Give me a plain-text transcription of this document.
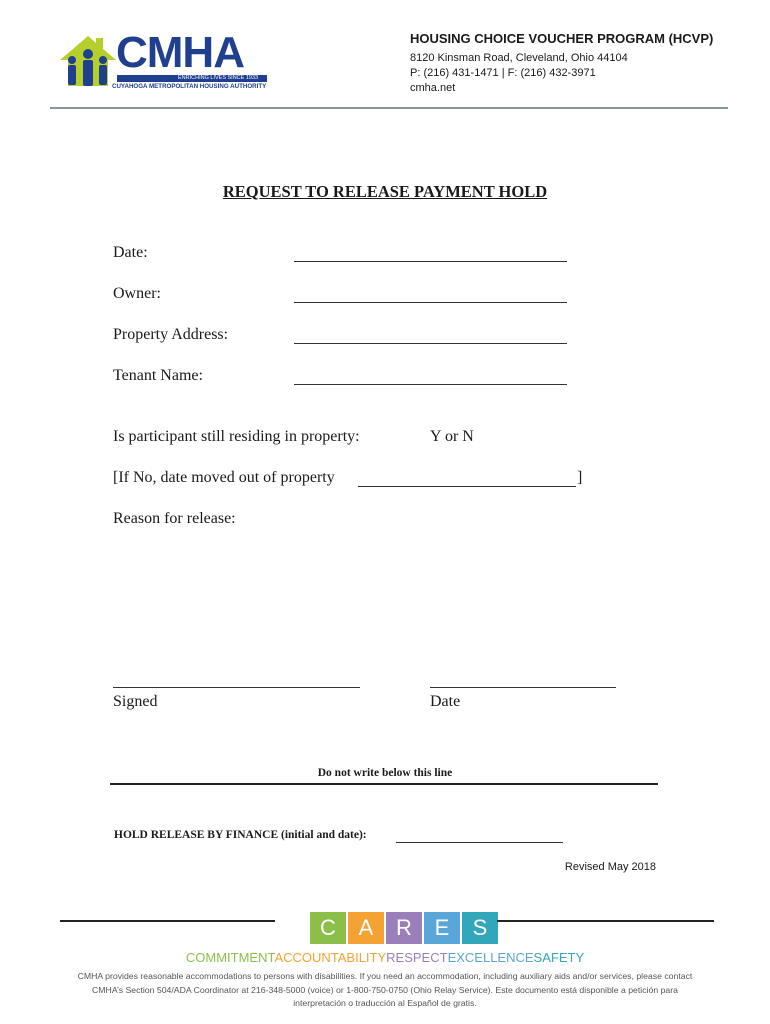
CMHA
ENRICHING LIVES SINCE 1933
CUYAHOGA METROPOLITAN HOUSING AUTHORITY
HOUSING CHOICE VOUCHER PROGRAM (HCVP)
8120 Kinsman Road, Cleveland, Ohio 44104
P: (216) 431-1471 | F: (216) 432-3971
cmha.net
REQUEST TO RELEASE PAYMENT HOLD
Date:
Owner:
Property Address:
Tenant Name:
Is participant still residing in property:	Y or N
[If No, date moved out of property	]
Reason for release:
Signed	Date
Do not write below this line
HOLD RELEASE BY FINANCE (initial and date):
Revised May 2018
C	A	R	E	S
COMMITMENTACCOUNTABILITYRESPECTEXCELLENCESAFETY
CMHA provides reasonable accommodations to persons with disabilities. If you need an accommodation, including auxiliary aids and/or services, please contact
CMHA’s Section 504/ADA Coordinator at 216-348-5000 (voice) or 1-800-750-0750 (Ohio Relay Service). Este documento está disponible a petición para
interpretación o traducción al Español de gratis.
